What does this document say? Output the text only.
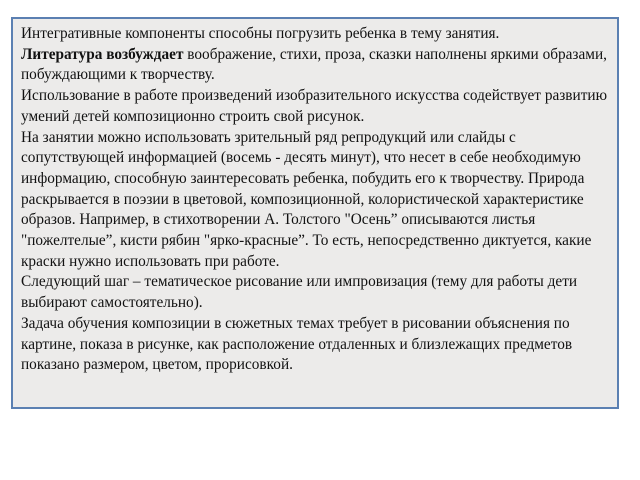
Интегративные компоненты способны погрузить ребенка в тему занятия.

Литература возбуждает воображение, стихи, проза, сказки наполнены яркими образами, побуждающими к творчеству.

Использование в работе произведений изобразительного искусства содействует развитию умений детей композиционно строить свой рисунок.

На занятии можно использовать зрительный ряд репродукций или слайды с сопутствующей информацией (восемь - десять минут), что несет в себе необходимую информацию, способную заинтересовать ребенка, побудить его к творчеству. Природа раскрывается в поэзии в цветовой, композиционной, колористической характеристике образов. Например, в стихотворении А. Толстого "Осень” описываются листья "пожелтелые”, кисти рябин "ярко-красные”. То есть, непосредственно диктуется, какие краски нужно использовать при работе.

Следующий шаг – тематическое рисование или импровизация (тему для работы дети выбирают самостоятельно).

Задача обучения композиции в сюжетных темах требует в рисовании объяснения по картине, показа в рисунке, как расположение отдаленных и близлежащих предметов показано размером, цветом, прорисовкой.
